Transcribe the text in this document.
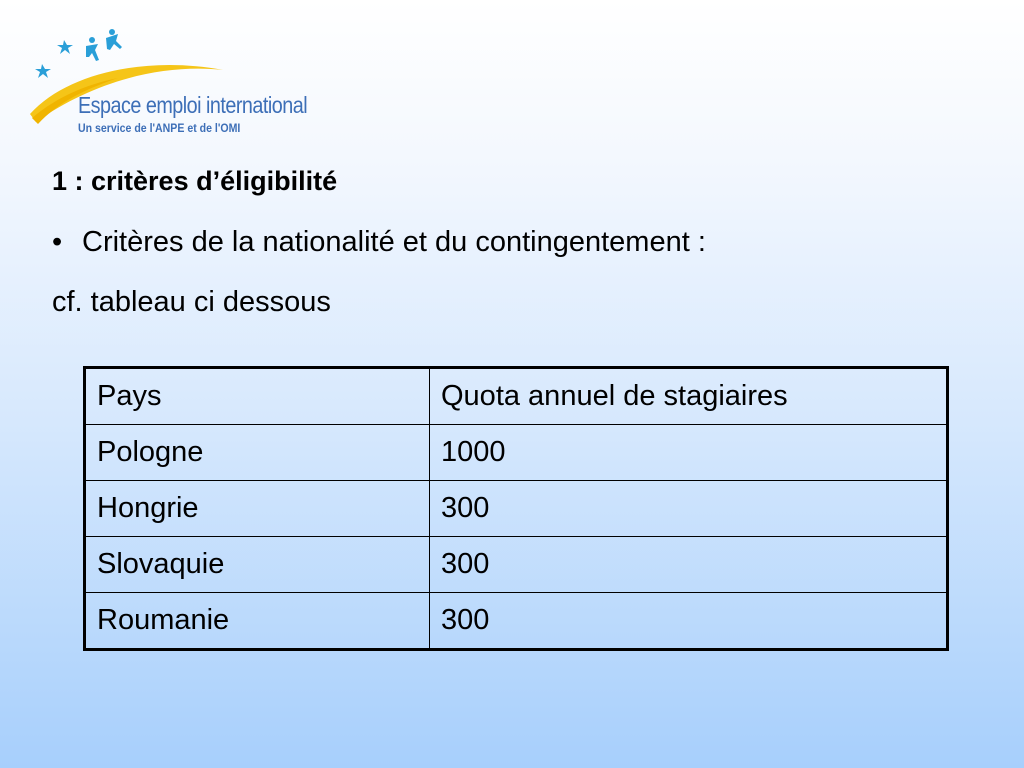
Espace emploi international
Un service de l'ANPE et de l'OMI
1 : critères d’éligibilité
• Critères de la nationalité et du contingentement :
cf. tableau ci dessous
Pays	Quota annuel de stagiaires
Pologne	1000
Hongrie	300
Slovaquie	300
Roumanie	300
